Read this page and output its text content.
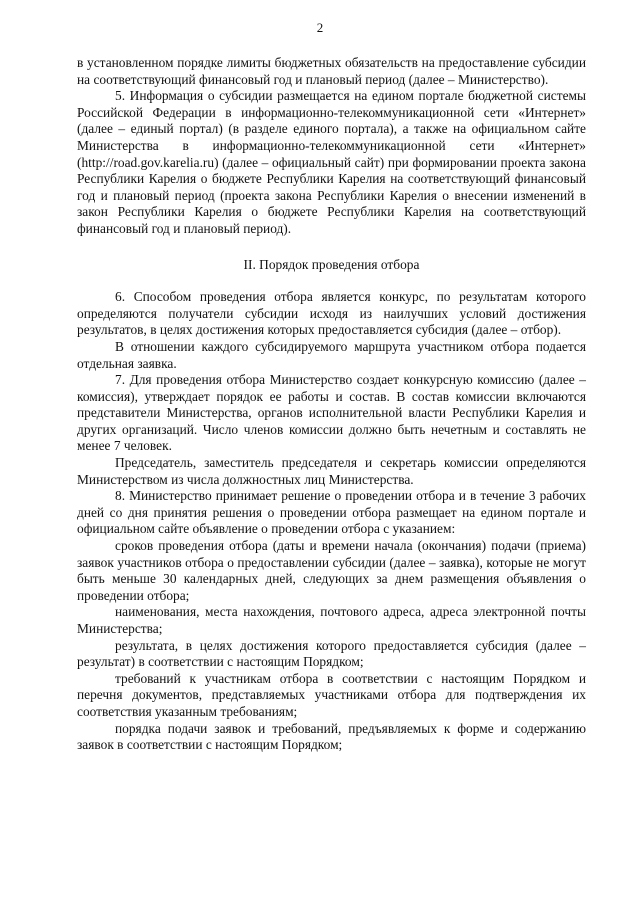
2

в установленном порядке лимиты бюджетных обязательств на предоставление субсидии на соответствующий финансовый год и плановый период (далее – Министерство).

5. Информация о субсидии размещается на едином портале бюджетной системы Российской Федерации в информационно-телекоммуникационной сети «Интернет» (далее – единый портал) (в разделе единого портала), а также на официальном сайте Министерства в информационно-телекоммуникационной сети «Интернет» (http://road.gov.karelia.ru) (далее – официальный сайт) при формировании проекта закона Республики Карелия о бюджете Республики Карелия на соответствующий финансовый год и плановый период (проекта закона Республики Карелия о внесении изменений в закон Республики Карелия о бюджете Республики Карелия на соответствующий финансовый год и плановый период).

II. Порядок проведения отбора

6. Способом проведения отбора является конкурс, по результатам которого определяются получатели субсидии исходя из наилучших условий достижения результатов, в целях достижения которых предоставляется субсидия (далее – отбор).

В отношении каждого субсидируемого маршрута участником отбора подается отдельная заявка.

7. Для проведения отбора Министерство создает конкурсную комиссию (далее – комиссия), утверждает порядок ее работы и состав. В состав комиссии включаются представители Министерства, органов исполнительной власти Республики Карелия и других организаций. Число членов комиссии должно быть нечетным и составлять не менее 7 человек.

Председатель, заместитель председателя и секретарь комиссии определяются Министерством из числа должностных лиц Министерства.

8. Министерство принимает решение о проведении отбора и в течение 3 рабочих дней со дня принятия решения о проведении отбора размещает на едином портале и официальном сайте объявление о проведении отбора с указанием:

сроков проведения отбора (даты и времени начала (окончания) подачи (приема) заявок участников отбора о предоставлении субсидии (далее – заявка), которые не могут быть меньше 30 календарных дней, следующих за днем размещения объявления о проведении отбора;

наименования, места нахождения, почтового адреса, адреса электронной почты Министерства;

результата, в целях достижения которого предоставляется субсидия (далее – результат) в соответствии с настоящим Порядком;

требований к участникам отбора в соответствии с настоящим Порядком и перечня документов, представляемых участниками отбора для подтверждения их соответствия указанным требованиям;

порядка подачи заявок и требований, предъявляемых к форме и содержанию заявок в соответствии с настоящим Порядком;
